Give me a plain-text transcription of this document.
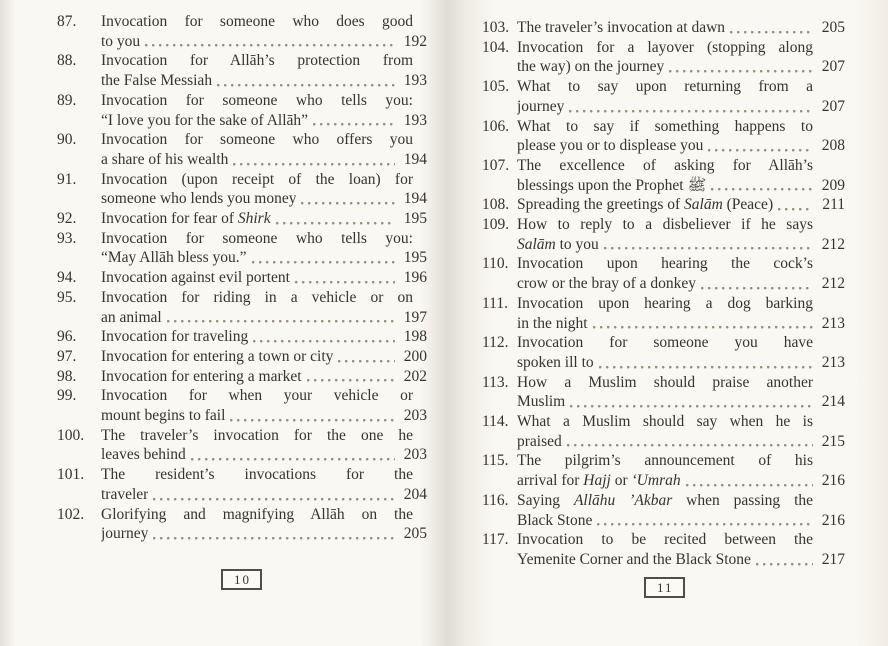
87.	Invocation for someone who does good
to you	192
88.	Invocation for Allāh’s protection from
the False Messiah	193
89.	Invocation for someone who tells you:
“I love you for the sake of Allāh”	193
90.	Invocation for someone who offers you
a share of his wealth	194
91.	Invocation (upon receipt of the loan) for
someone who lends you money	194
92.	Invocation for fear of Shirk	195
93.	Invocation for someone who tells you:
“May Allāh bless you.”	195
94.	Invocation against evil portent	196
95.	Invocation for riding in a vehicle or on
an animal	197
96.	Invocation for traveling	198
97.	Invocation for entering a town or city	200
98.	Invocation for entering a market	202
99.	Invocation for when your vehicle or
mount begins to fail	203
100.	The traveler’s invocation for the one he
leaves behind	203
101.	The resident’s invocations for the
traveler	204
102.	Glorifying and magnifying Allāh on the
journey	205
103. The traveler’s invocation at dawn	205
104. Invocation for a layover (stopping along
the way) on the journey	207
105. What to say upon returning from a
journey	207
106. What to say if something happens to
please you or to displease you	208
107. The excellence of asking for Allāh’s
blessings upon the Prophet ﷺ	209
108. Spreading the greetings of Salām (Peace)	211
109. How to reply to a disbeliever if he says
Salām to you	212
110. Invocation upon hearing the cock’s
crow or the bray of a donkey	212
111. Invocation upon hearing a dog barking
in the night	213
112. Invocation for someone you have
spoken ill to	213
113. How a Muslim should praise another
Muslim	214
114. What a Muslim should say when he is
praised	215
115. The pilgrim’s announcement of his
arrival for Hajj or ‘Umrah	216
116. Saying Allāhu ’Akbar when passing the
Black Stone	216
117. Invocation to be recited between the
Yemenite Corner and the Black Stone	217
10
11
